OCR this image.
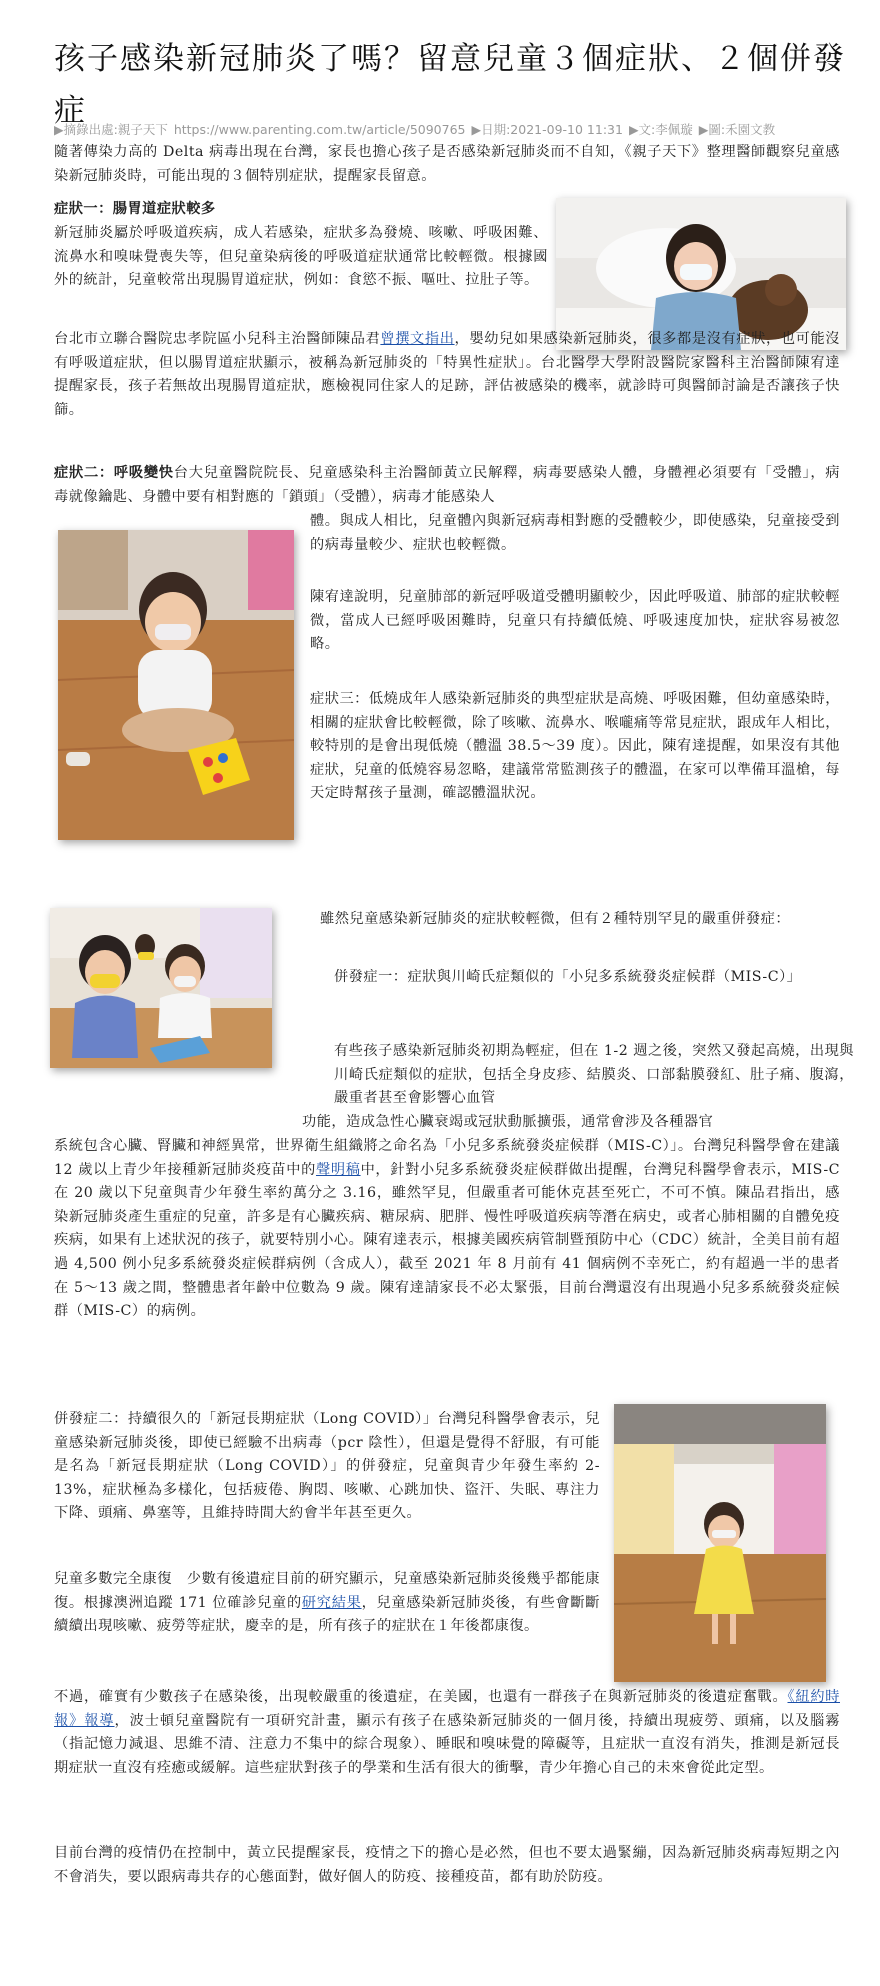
孩子感染新冠肺炎了嗎？留意兒童３個症狀、２個併發症
▶摘錄出處:親子天下 https://www.parenting.com.tw/article/5090765 ▶日期:2021-09-10 11:31 ▶文:李佩璇 ▶圖:禾園文教

隨著傳染力高的 Delta 病毒出現在台灣，家長也擔心孩子是否感染新冠肺炎而不自知，《親子天下》整理醫師觀察兒童感染新冠肺炎時，可能出現的３個特別症狀，提醒家長留意。

症狀一：腸胃道症狀較多

新冠肺炎屬於呼吸道疾病，成人若感染，症狀多為發燒、咳嗽、呼吸困難、流鼻水和嗅味覺喪失等，但兒童染病後的呼吸道症狀通常比較輕微。根據國外的統計，兒童較常出現腸胃道症狀，例如：食慾不振、嘔吐、拉肚子等。

台北市立聯合醫院忠孝院區小兒科主治醫師陳品君曾撰文指出，嬰幼兒如果感染新冠肺炎，很多都是沒有症狀，也可能沒有呼吸道症狀，但以腸胃道症狀顯示，被稱為新冠肺炎的「特異性症狀」。台北醫學大學附設醫院家醫科主治醫師陳宥達提醒家長，孩子若無故出現腸胃道症狀，應檢視同住家人的足跡，評估被感染的機率，就診時可與醫師討論是否讓孩子快篩。

症狀二：呼吸變快台大兒童醫院院長、兒童感染科主治醫師黃立民解釋，病毒要感染人體，身體裡必須要有「受體」，病毒就像鑰匙、身體中要有相對應的「鎖頭」（受體），病毒才能感染人

體。與成人相比，兒童體內與新冠病毒相對應的受體較少，即使感染，兒童接受到的病毒量較少、症狀也較輕微。

陳宥達說明，兒童肺部的新冠呼吸道受體明顯較少，因此呼吸道、肺部的症狀較輕微，當成人已經呼吸困難時，兒童只有持續低燒、呼吸速度加快，症狀容易被忽略。

症狀三：低燒成年人感染新冠肺炎的典型症狀是高燒、呼吸困難，但幼童感染時，相關的症狀會比較輕微，除了咳嗽、流鼻水、喉嚨痛等常見症狀，跟成年人相比，較特別的是會出現低燒（體溫 38.5～39 度）。因此，陳宥達提醒，如果沒有其他症狀，兒童的低燒容易忽略，建議常常監測孩子的體溫，在家可以準備耳溫槍，每天定時幫孩子量測，確認體溫狀況。

雖然兒童感染新冠肺炎的症狀較輕微，但有２種特別罕見的嚴重併發症：

併發症一：症狀與川崎氏症類似的「小兒多系統發炎症候群（MIS-C）」

有些孩子感染新冠肺炎初期為輕症，但在 1-2 週之後，突然又發起高燒，出現與川崎氏症類似的症狀，包括全身皮疹、結膜炎、口部黏膜發紅、肚子痛、腹瀉，嚴重者甚至會影響心血管

功能，造成急性心臟衰竭或冠狀動脈擴張，通常會涉及各種器官

系統包含心臟、腎臟和神經異常，世界衛生組織將之命名為「小兒多系統發炎症候群（MIS-C）」。台灣兒科醫學會在建議 12 歲以上青少年接種新冠肺炎疫苗中的聲明稿中，針對小兒多系統發炎症候群做出提醒，台灣兒科醫學會表示，MIS-C 在 20 歲以下兒童與青少年發生率約萬分之 3.16，雖然罕見，但嚴重者可能休克甚至死亡，不可不慎。陳品君指出，感染新冠肺炎產生重症的兒童，許多是有心臟疾病、糖尿病、肥胖、慢性呼吸道疾病等潛在病史，或者心肺相關的自體免疫疾病，如果有上述狀況的孩子，就要特別小心。陳宥達表示，根據美國疾病管制暨預防中心（CDC）統計，全美目前有超過 4,500 例小兒多系統發炎症候群病例（含成人），截至 2021 年 8 月前有 41 個病例不幸死亡，約有超過一半的患者在 5～13 歲之間，整體患者年齡中位數為 9 歲。陳宥達請家長不必太緊張，目前台灣還沒有出現過小兒多系統發炎症候群（MIS-C）的病例。

併發症二：持續很久的「新冠長期症狀（Long COVID）」台灣兒科醫學會表示，兒童感染新冠肺炎後，即使已經驗不出病毒（pcr 陰性），但還是覺得不舒服，有可能是名為「新冠長期症狀（Long COVID）」的併發症，兒童與青少年發生率約 2-13%，症狀極為多樣化，包括疲倦、胸悶、咳嗽、心跳加快、盜汗、失眠、專注力下降、頭痛、鼻塞等，且維持時間大約會半年甚至更久。

兒童多數完全康復　少數有後遺症目前的研究顯示，兒童感染新冠肺炎後幾乎都能康復。根據澳洲追蹤 171 位確診兒童的研究結果，兒童感染新冠肺炎後，有些會斷斷續續出現咳嗽、疲勞等症狀，慶幸的是，所有孩子的症狀在１年後都康復。

不過，確實有少數孩子在感染後，出現較嚴重的後遺症，在美國，也還有一群孩子在與新冠肺炎的後遺症奮戰。《紐約時報》報導，波士頓兒童醫院有一項研究計畫，顯示有孩子在感染新冠肺炎的一個月後，持續出現疲勞、頭痛，以及腦霧（指記憶力減退、思維不清、注意力不集中的綜合現象）、睡眠和嗅味覺的障礙等，且症狀一直沒有消失，推測是新冠長期症狀一直沒有痊癒或緩解。這些症狀對孩子的學業和生活有很大的衝擊，青少年擔心自己的未來會從此定型。

目前台灣的疫情仍在控制中，黃立民提醒家長，疫情之下的擔心是必然，但也不要太過緊繃，因為新冠肺炎病毒短期之內不會消失，要以跟病毒共存的心態面對，做好個人的防疫、接種疫苗，都有助於防疫。
